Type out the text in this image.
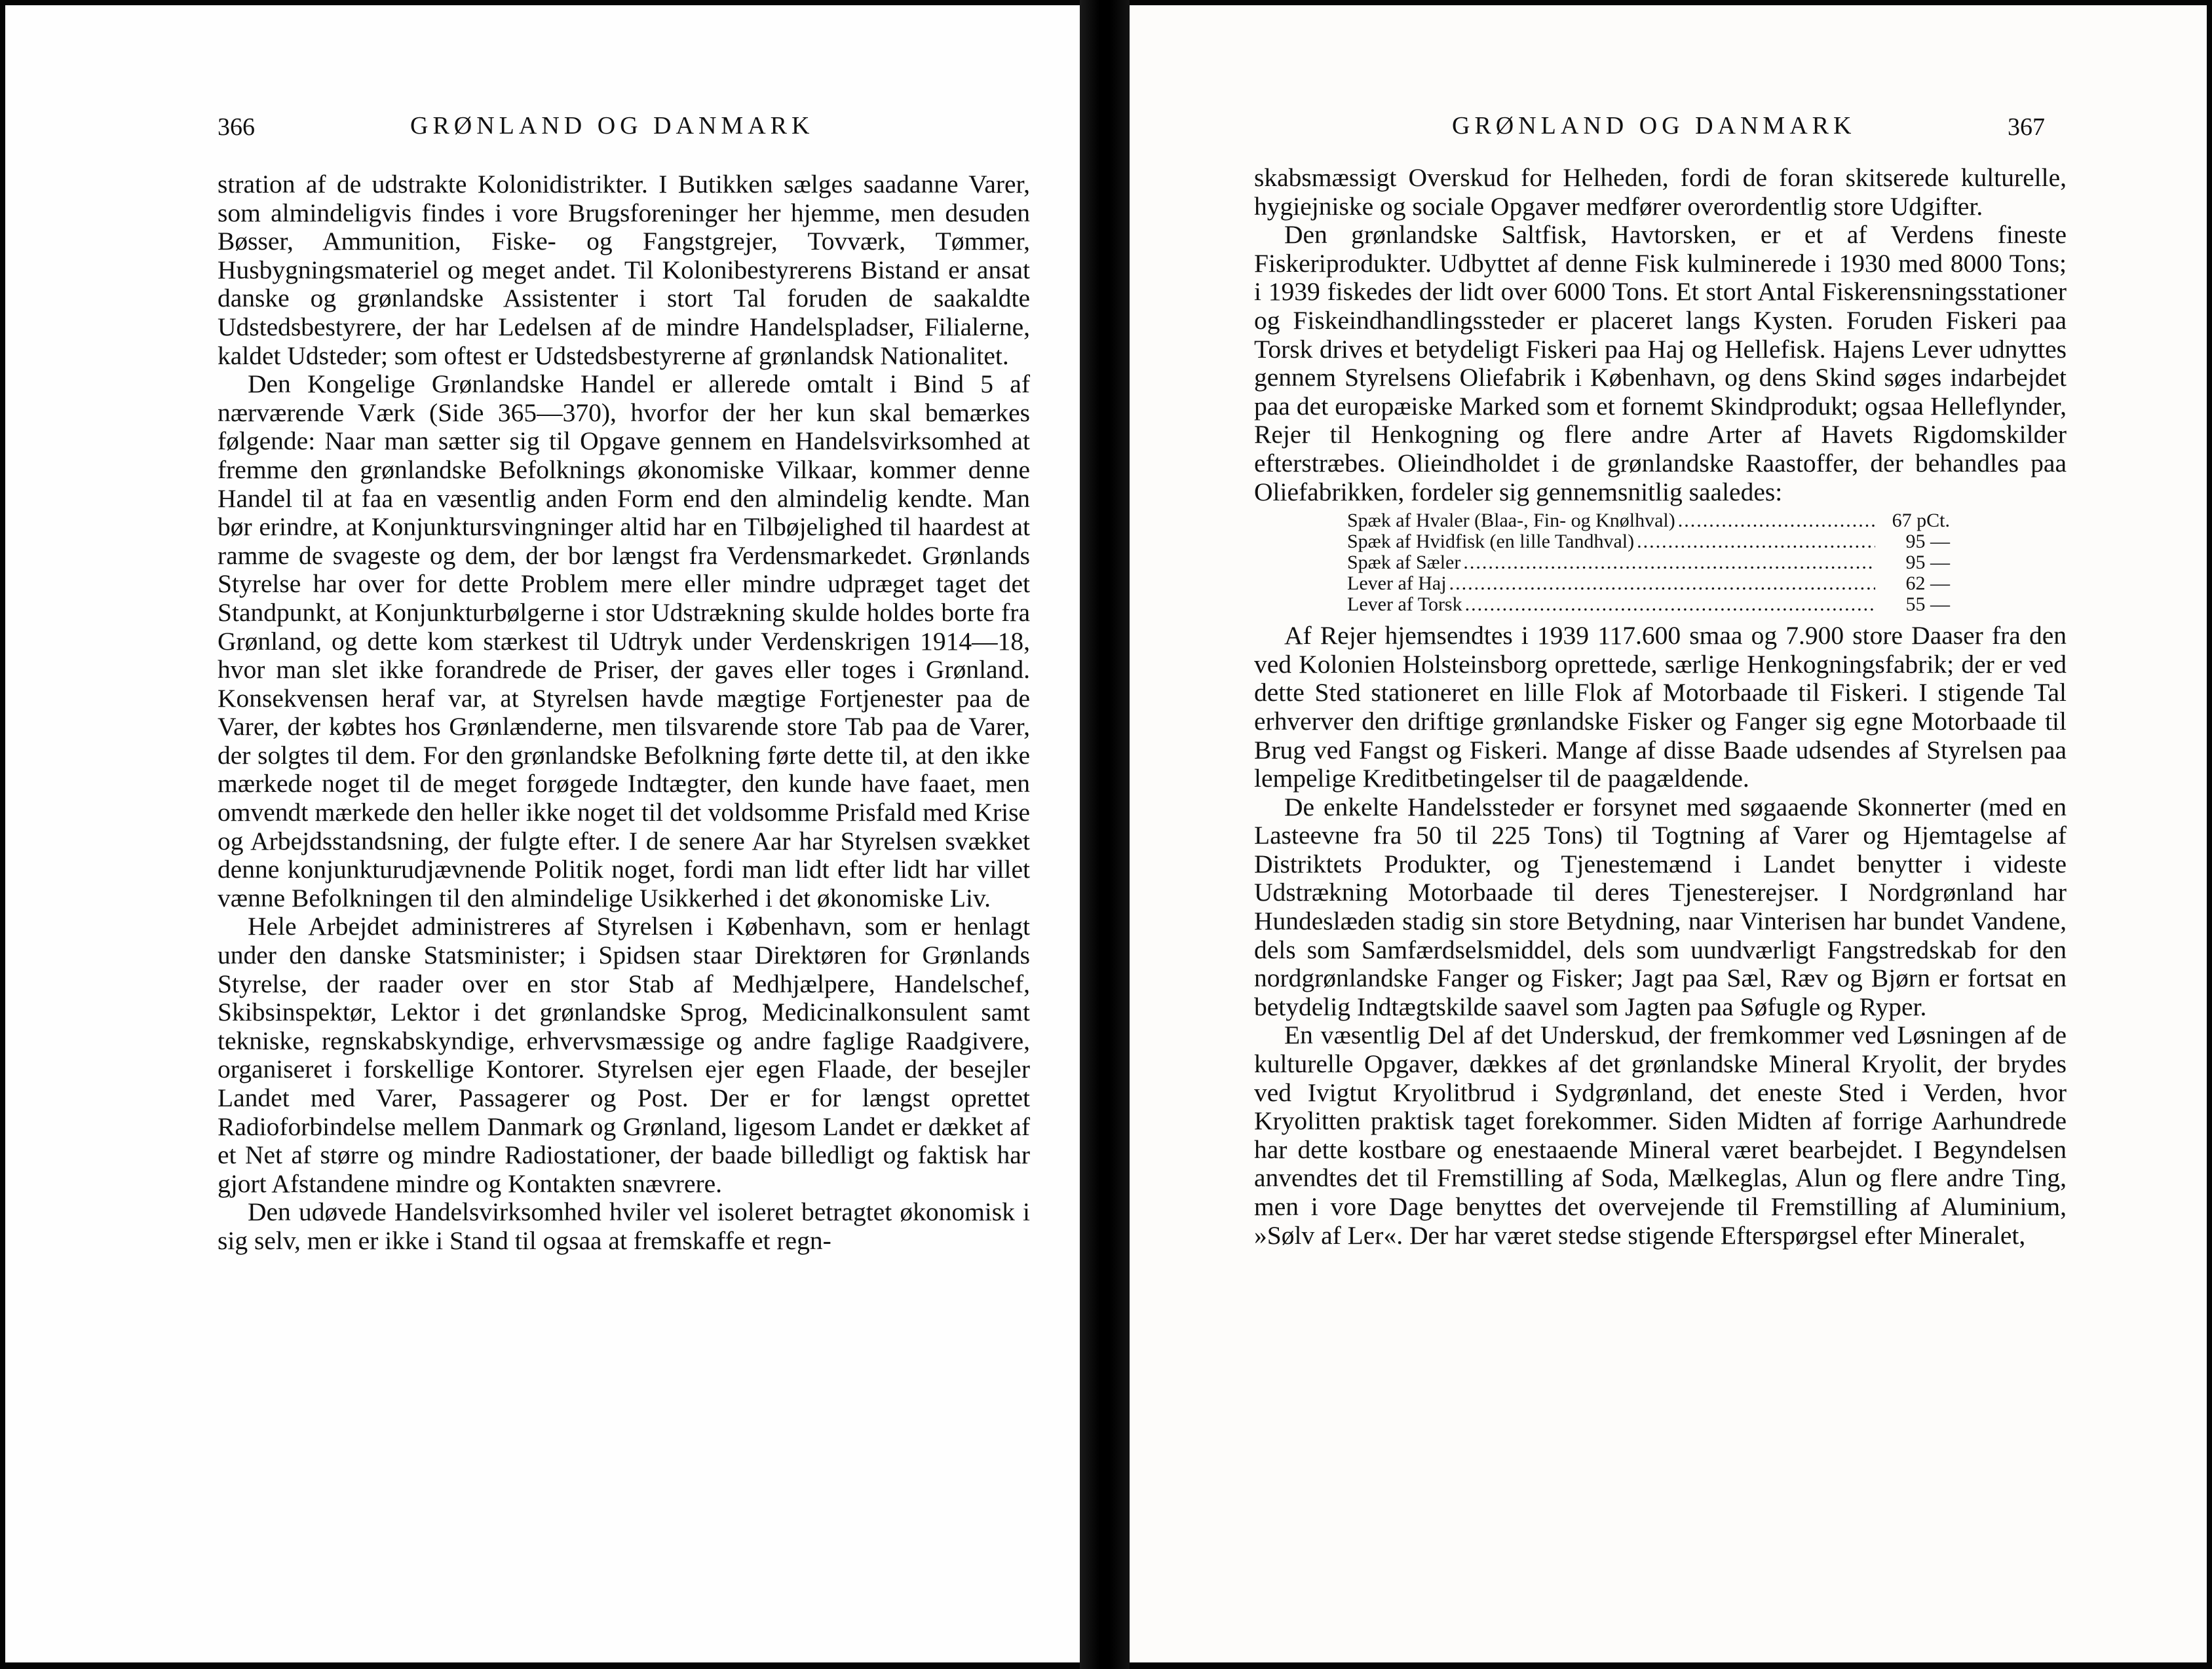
366	GRØNLAND OG DANMARK

stration af de udstrakte Kolonidistrikter. I Butikken sælges saadanne Varer, som almindeligvis findes i vore Brugsforeninger her hjemme, men desuden Bøsser, Ammunition, Fiske- og Fangstgrejer, Tovværk, Tømmer, Husbygningsmateriel og meget andet. Til Kolonibestyrerens Bistand er ansat danske og grønlandske Assistenter i stort Tal foruden de saakaldte Udstedsbestyrere, der har Ledelsen af de mindre Handelspladser, Filialerne, kaldet Udsteder; som oftest er Udstedsbestyrerne af grønlandsk Nationalitet.

Den Kongelige Grønlandske Handel er allerede omtalt i Bind 5 af nærværende Værk (Side 365—370), hvorfor der her kun skal bemærkes følgende: Naar man sætter sig til Opgave gennem en Handelsvirksomhed at fremme den grønlandske Befolknings økonomiske Vilkaar, kommer denne Handel til at faa en væsentlig anden Form end den almindelig kendte. Man bør erindre, at Konjunktursvingninger altid har en Tilbøjelighed til haardest at ramme de svageste og dem, der bor længst fra Verdensmarkedet. Grønlands Styrelse har over for dette Problem mere eller mindre udpræget taget det Standpunkt, at Konjunkturbølgerne i stor Udstrækning skulde holdes borte fra Grønland, og dette kom stærkest til Udtryk under Verdenskrigen 1914—18, hvor man slet ikke forandrede de Priser, der gaves eller toges i Grønland. Konsekvensen heraf var, at Styrelsen havde mægtige Fortjenester paa de Varer, der købtes hos Grønlænderne, men tilsvarende store Tab paa de Varer, der solgtes til dem. For den grønlandske Befolkning førte dette til, at den ikke mærkede noget til de meget forøgede Indtægter, den kunde have faaet, men omvendt mærkede den heller ikke noget til det voldsomme Prisfald med Krise og Arbejdsstandsning, der fulgte efter. I de senere Aar har Styrelsen svækket denne konjunkturudjævnende Politik noget, fordi man lidt efter lidt har villet vænne Befolkningen til den almindelige Usikkerhed i det økonomiske Liv.

Hele Arbejdet administreres af Styrelsen i København, som er henlagt under den danske Statsminister; i Spidsen staar Direktøren for Grønlands Styrelse, der raader over en stor Stab af Medhjælpere, Handelschef, Skibsinspektør, Lektor i det grønlandske Sprog, Medicinalkonsulent samt tekniske, regnskabskyndige, erhvervsmæssige og andre faglige Raadgivere, organiseret i forskellige Kontorer. Styrelsen ejer egen Flaade, der besejler Landet med Varer, Passagerer og Post. Der er for længst oprettet Radioforbindelse mellem Danmark og Grønland, ligesom Landet er dækket af et Net af større og mindre Radiostationer, der baade billedligt og faktisk har gjort Afstandene mindre og Kontakten snævrere.

Den udøvede Handelsvirksomhed hviler vel isoleret betragtet økonomisk i sig selv, men er ikke i Stand til ogsaa at fremskaffe et regn-

GRØNLAND OG DANMARK	367

skabsmæssigt Overskud for Helheden, fordi de foran skitserede kulturelle, hygiejniske og sociale Opgaver medfører overordentlig store Udgifter.

Den grønlandske Saltfisk, Havtorsken, er et af Verdens fineste Fiskeriprodukter. Udbyttet af denne Fisk kulminerede i 1930 med 8000 Tons; i 1939 fiskedes der lidt over 6000 Tons. Et stort Antal Fiskerensningsstationer og Fiskeindhandlingssteder er placeret langs Kysten. Foruden Fiskeri paa Torsk drives et betydeligt Fiskeri paa Haj og Hellefisk. Hajens Lever udnyttes gennem Styrelsens Oliefabrik i København, og dens Skind søges indarbejdet paa det europæiske Marked som et fornemt Skindprodukt; ogsaa Helleflynder, Rejer til Henkogning og flere andre Arter af Havets Rigdomskilder efterstræbes. Olieindholdet i de grønlandske Raastoffer, der behandles paa Oliefabrikken, fordeler sig gennemsnitlig saaledes:

Spæk af Hvaler (Blaa-, Fin- og Knølhval) .....	67 pCt.
Spæk af Hvidfisk (en lille Tandhval) .....	95 —
Spæk af Sæler .....	95 —
Lever af Haj .....	62 —
Lever af Torsk .....	55 —

Af Rejer hjemsendtes i 1939 117.600 smaa og 7.900 store Daaser fra den ved Kolonien Holsteinsborg oprettede, særlige Henkogningsfabrik; der er ved dette Sted stationeret en lille Flok af Motorbaade til Fiskeri. I stigende Tal erhverver den driftige grønlandske Fisker og Fanger sig egne Motorbaade til Brug ved Fangst og Fiskeri. Mange af disse Baade udsendes af Styrelsen paa lempelige Kreditbetingelser til de paagældende.

De enkelte Handelssteder er forsynet med søgaaende Skonnerter (med en Lasteevne fra 50 til 225 Tons) til Togtning af Varer og Hjemtagelse af Distriktets Produkter, og Tjenestemænd i Landet benytter i videste Udstrækning Motorbaade til deres Tjenesterejser. I Nordgrønland har Hundeslæden stadig sin store Betydning, naar Vinterisen har bundet Vandene, dels som Samfærdselsmiddel, dels som uundværligt Fangstredskab for den nordgrønlandske Fanger og Fisker; Jagt paa Sæl, Ræv og Bjørn er fortsat en betydelig Indtægtskilde saavel som Jagten paa Søfugle og Ryper.

En væsentlig Del af det Underskud, der fremkommer ved Løsningen af de kulturelle Opgaver, dækkes af det grønlandske Mineral Kryolit, der brydes ved Ivigtut Kryolitbrud i Sydgrønland, det eneste Sted i Verden, hvor Kryolitten praktisk taget forekommer. Siden Midten af forrige Aarhundrede har dette kostbare og enestaaende Mineral været bearbejdet. I Begyndelsen anvendtes det til Fremstilling af Soda, Mælkeglas, Alun og flere andre Ting, men i vore Dage benyttes det overvejende til Fremstilling af Aluminium, »Sølv af Ler«. Der har været stedse stigende Efterspørgsel efter Mineralet,
